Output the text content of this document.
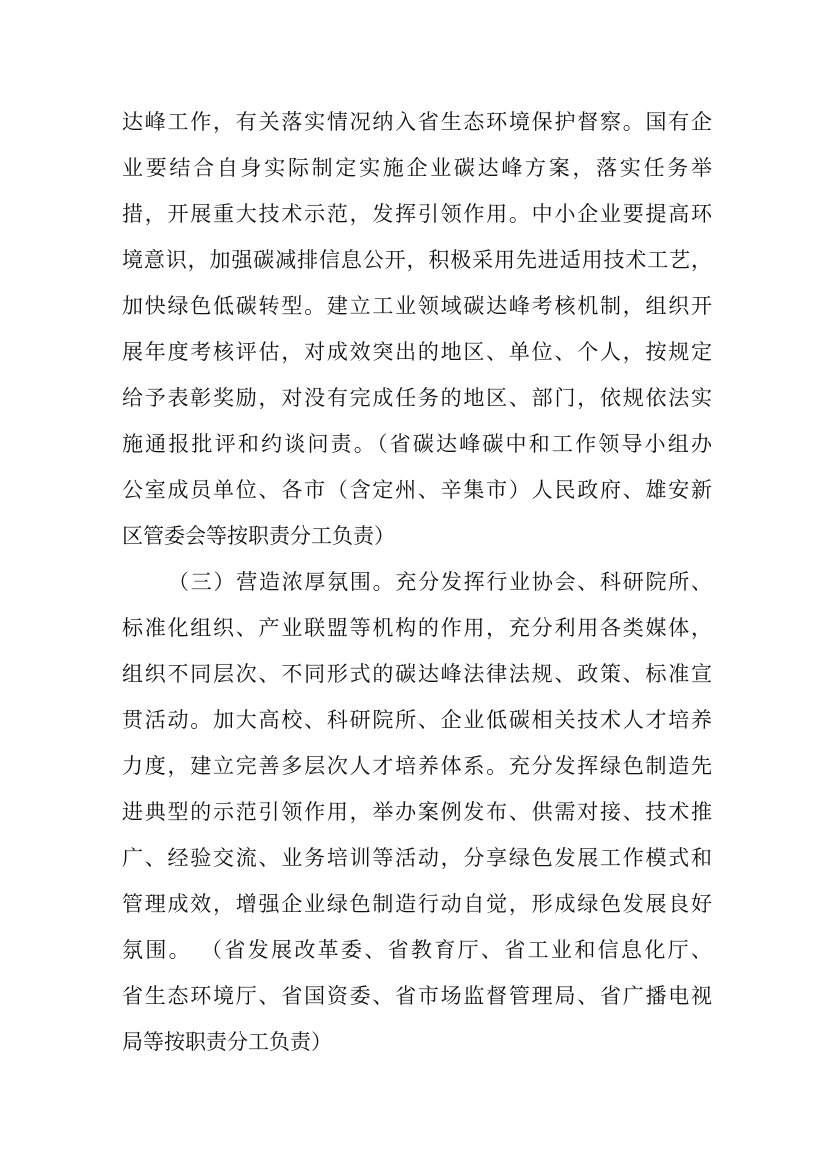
达峰工作，有关落实情况纳入省生态环境保护督察。国有企
业要结合自身实际制定实施企业碳达峰方案，落实任务举
措，开展重大技术示范，发挥引领作用。中小企业要提高环
境意识，加强碳减排信息公开，积极采用先进适用技术工艺，
加快绿色低碳转型。建立工业领域碳达峰考核机制，组织开
展年度考核评估，对成效突出的地区、单位、个人，按规定
给予表彰奖励，对没有完成任务的地区、部门，依规依法实
施通报批评和约谈问责。（省碳达峰碳中和工作领导小组办
公室成员单位、各市（含定州、辛集市）人民政府、雄安新
区管委会等按职责分工负责）
（三）营造浓厚氛围。充分发挥行业协会、科研院所、
标准化组织、产业联盟等机构的作用，充分利用各类媒体，
组织不同层次、不同形式的碳达峰法律法规、政策、标准宣
贯活动。加大高校、科研院所、企业低碳相关技术人才培养
力度，建立完善多层次人才培养体系。充分发挥绿色制造先
进典型的示范引领作用，举办案例发布、供需对接、技术推
广、经验交流、业务培训等活动，分享绿色发展工作模式和
管理成效，增强企业绿色制造行动自觉，形成绿色发展良好
氛围。 （省发展改革委、省教育厅、省工业和信息化厅、
省生态环境厅、省国资委、省市场监督管理局、省广播电视
局等按职责分工负责）
